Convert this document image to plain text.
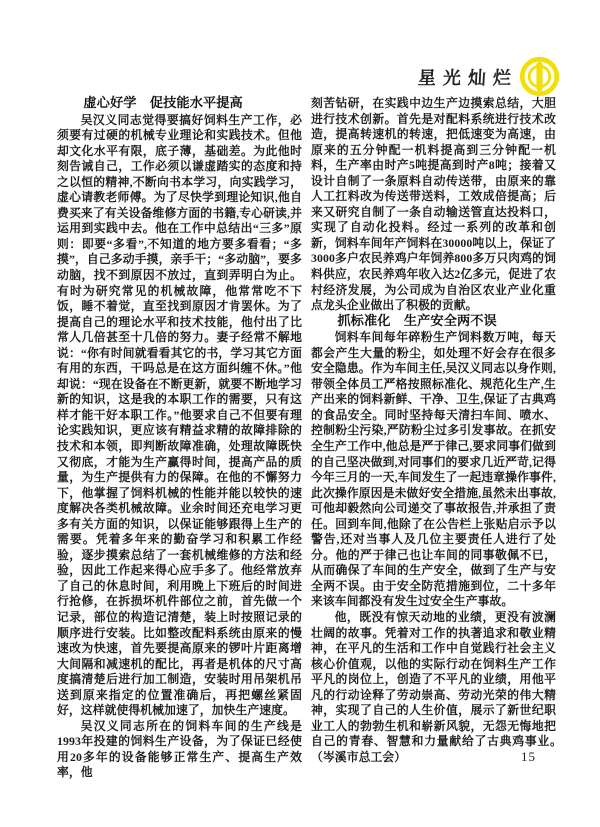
星光灿烂
虚心好学　促技能水平提高

吴汉义同志觉得要搞好饲料生产工作，必须要有过硬的机械专业理论和实践技术。但他却文化水平有限，底子薄，基础差。为此他时刻告诫自己，工作必须以谦虚踏实的态度和持之以恒的精神,不断向书本学习，向实践学习，虚心请教老师傅。为了尽快学到理论知识,他自费买来了有关设备维修方面的书籍,专心研读,并运用到实践中去。他在工作中总结出“三多”原则：即要“多看”,不知道的地方要多看看；“多摸”，自己多动手摸，亲手干；“多动脑”，要多动脑，找不到原因不放过，直到弄明白为止。有时为研究常见的机械故障，他常常吃不下饭，睡不着觉，直至找到原因才肯罢休。为了提高自己的理论水平和技术技能，他付出了比常人几倍甚至十几倍的努力。妻子经常不解地说：“你有时间就看看其它的书，学习其它方面有用的东西，干吗总是在这方面纠缠不休。”他却说：“现在设备在不断更新，就要不断地学习新的知识，这是我的本职工作的需要，只有这样才能干好本职工作。”他要求自己不但要有理论实践知识，更应该有精益求精的故障排除的技术和本领，即判断故障准确，处理故障既快又彻底，才能为生产赢得时间，提高产品的质量，为生产提供有力的保障。在他的不懈努力下，他掌握了饲料机械的性能并能以较快的速度解决各类机械故障。业余时间还充电学习更多有关方面的知识，以保证能够跟得上生产的需要。凭着多年来的勤奋学习和积累工作经验，逐步摸索总结了一套机械维修的方法和经验，因此工作起来得心应手多了。他经常放弃了自己的休息时间，利用晚上下班后的时间进行抢修，在拆损坏机件部位之前，首先做一个记录，部位的构造记清楚，装上时按照记录的顺序进行安装。比如整改配料系统由原来的慢速改为快速，首先要提高原来的锣叶片距离增大间隔和减速机的配比，再者是机体的尺寸高度搞清楚后进行加工制造，安装时用吊架机吊送到原来指定的位置准确后，再把螺丝紧固好，这样就使得机械加速了，加快生产速度。

吴汉义同志所在的饲料车间的生产线是1993年投建的饲料生产设备，为了保证已经使用20多年的设备能够正常生产、提高生产效率，他

刻苦钻研，在实践中边生产边摸索总结，大胆进行技术创新。首先是对配料系统进行技术改造，提高转速机的转速，把低速变为高速，由原来的五分钟配一机料提高到三分钟配一机料，生产率由时产5吨提高到时产8吨；接着又设计自制了一条原料自动传送带，由原来的靠人工扛料改为传送带送料，工效成倍提高；后来又研究自制了一条自动输送管直达投料口，实现了自动化投料。经过一系列的改革和创新，饲料车间年产饲料在30000吨以上，保证了3000多户农民养鸡户年饲养800多万只肉鸡的饲料供应，农民养鸡年收入达2亿多元，促进了农村经济发展，为公司成为自治区农业产业化重点龙头企业做出了积极的贡献。

抓标准化　生产安全两不误

饲料车间每年碎粉生产饲料数万吨，每天都会产生大量的粉尘，如处理不好会存在很多安全隐患。作为车间主任,吴汉义同志以身作则,带领全体员工严格按照标准化、规范化生产,生产出来的饲料新鲜、干净、卫生,保证了古典鸡的食品安全。同时坚持每天清扫车间、喷水、控制粉尘污染,严防粉尘过多引发事故。在抓安全生产工作中,他总是严于律己,要求同事们做到的自己坚决做到,对同事们的要求几近严苛,记得今年三月的一天,车间发生了一起违章操作事件,此次操作原因是未做好安全措施,虽然未出事故,可他却毅然向公司递交了事故报告,并承担了责任。回到车间,他除了在公告栏上张贴启示予以警告,还对当事人及几位主要责任人进行了处分。他的严于律己也让车间的同事敬佩不已，从而确保了车间的生产安全，做到了生产与安全两不误。由于安全防范措施到位，二十多年来该车间都没有发生过安全生产事故。

他，既没有惊天动地的业绩，更没有波澜壮阔的故事。凭着对工作的执著追求和敬业精神，在平凡的生活和工作中自觉践行社会主义核心价值观，以他的实际行动在饲料生产工作平凡的岗位上，创造了不平凡的业绩，用他平凡的行动诠释了劳动崇高、劳动光荣的伟大精神，实现了自己的人生价值，展示了新世纪职业工人的勃勃生机和崭新风貌，无怨无悔地把自己的青春、智慧和力量献给了古典鸡事业。　（岑溪市总工会）	15
